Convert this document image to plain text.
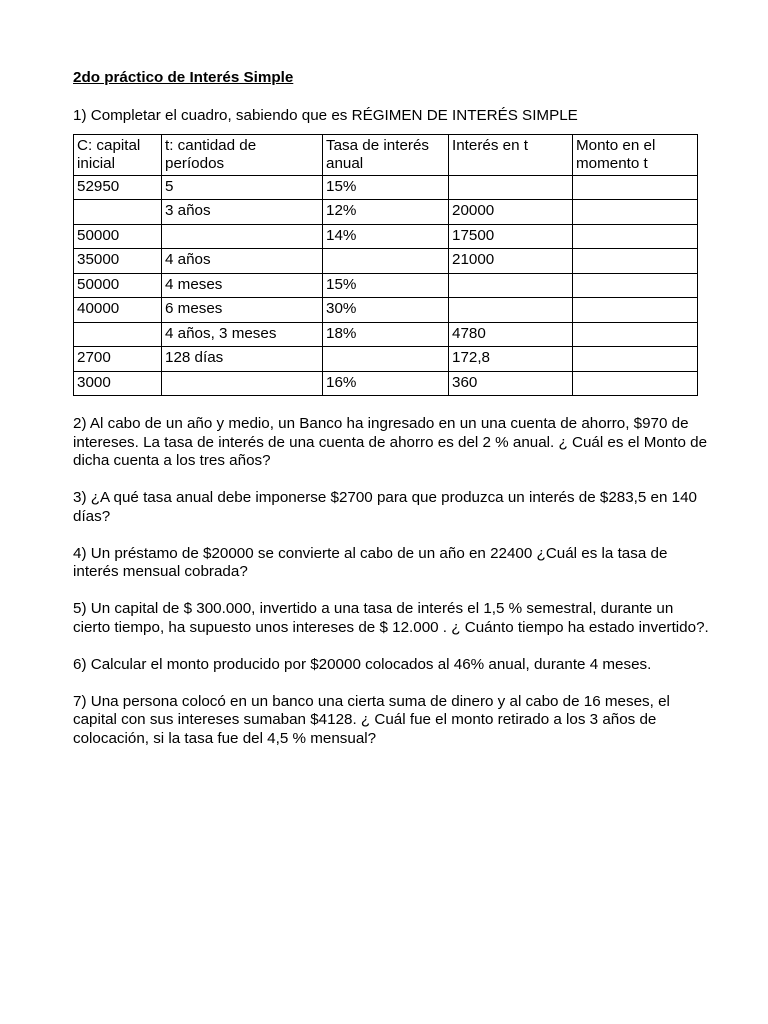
2do práctico de Interés Simple
1) Completar el cuadro, sabiendo que es RÉGIMEN DE INTERÉS SIMPLE
C: capital inicial	t: cantidad de períodos	Tasa de interés anual	Interés en t	Monto en el momento t
52950	5	15%		
	3 años	12%	20000	
50000		14%	17500	
35000	4 años		21000	
50000	4 meses	15%		
40000	6 meses	30%		
	4 años, 3 meses	18%	4780	
2700	128 días		172,8	
3000		16%	360	
2) Al cabo de un año y medio, un Banco ha ingresado en un una cuenta de ahorro, $970 de intereses. La tasa de interés de una cuenta de ahorro es del 2 % anual. ¿ Cuál es el Monto de dicha cuenta a los tres años?
3) ¿A qué tasa anual debe imponerse $2700 para que produzca un interés de $283,5 en 140 días?
4) Un préstamo de $20000 se convierte al cabo de un año en 22400 ¿Cuál es la tasa de interés mensual cobrada?
5) Un capital de $ 300.000, invertido a una tasa de interés el 1,5 % semestral, durante un cierto tiempo, ha supuesto unos intereses de $ 12.000 . ¿ Cuánto tiempo ha estado invertido?.
6) Calcular el monto producido por $20000 colocados al 46% anual, durante 4 meses.
7) Una persona colocó en un banco una cierta suma de dinero y al cabo de 16 meses, el capital con sus intereses sumaban $4128. ¿ Cuál fue el monto retirado a los 3 años de colocación, si la tasa fue del 4,5 % mensual?
